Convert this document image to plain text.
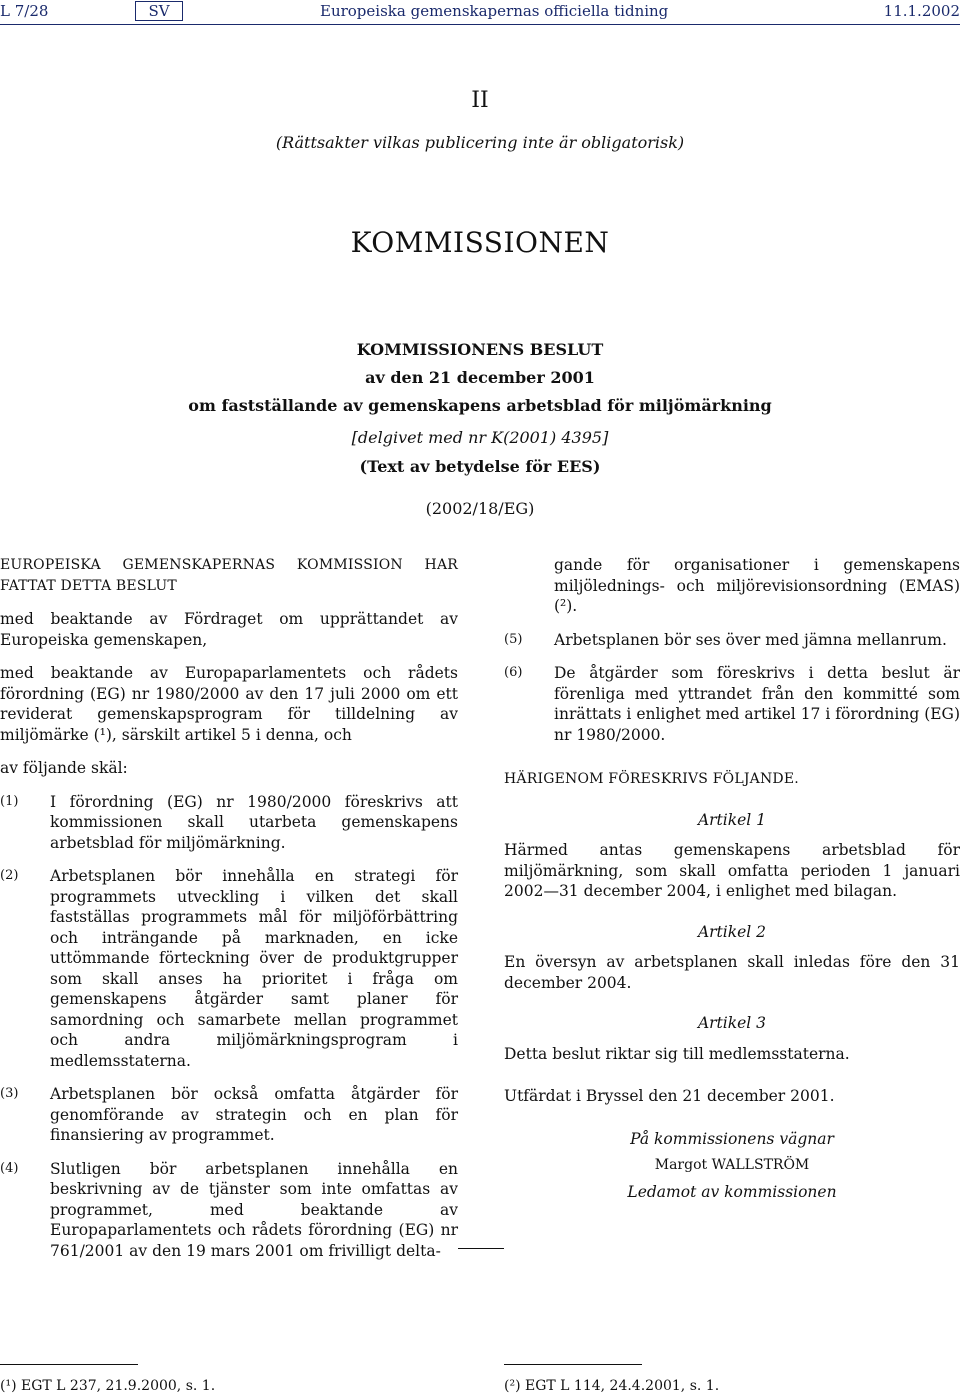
L 7/28	SV	Europeiska gemenskapernas officiella tidning	11.1.2002
II
(Rättsakter vilkas publicering inte är obligatorisk)
KOMMISSIONEN
KOMMISSIONENS BESLUT
av den 21 december 2001
om fastställande av gemenskapens arbetsblad för miljömärkning
[delgivet med nr K(2001) 4395]
(Text av betydelse för EES)
(2002/18/EG)

EUROPEISKA GEMENSKAPERNAS KOMMISSION HAR FATTAT DETTA BESLUT

med beaktande av Fördraget om upprättandet av Europeiska gemenskapen,

med beaktande av Europaparlamentets och rådets förordning (EG) nr 1980/2000 av den 17 juli 2000 om ett reviderat gemenskapsprogram för tilldelning av miljömärke (¹), särskilt artikel 5 i denna, och

av följande skäl:

(1)	I förordning (EG) nr 1980/2000 föreskrivs att kommissionen skall utarbeta gemenskapens arbetsblad för miljömärkning.
(2)	Arbetsplanen bör innehålla en strategi för programmets utveckling i vilken det skall fastställas programmets mål för miljöförbättring och inträngande på marknaden, en icke uttömmande förteckning över de produktgrupper som skall anses ha prioritet i fråga om gemenskapens åtgärder samt planer för samordning och samarbete mellan programmet och andra miljömärkningsprogram i medlemsstaterna.
(3)	Arbetsplanen bör också omfatta åtgärder för genomförande av strategin och en plan för finansiering av programmet.
(4)	Slutligen bör arbetsplanen innehålla en beskrivning av de tjänster som inte omfattas av programmet, med beaktande av Europaparlamentets och rådets förordning (EG) nr 761/2001 av den 19 mars 2001 om frivilligt delta-

gande för organisationer i gemenskapens miljölednings- och miljörevisionsordning (EMAS) (²).

(5)	Arbetsplanen bör ses över med jämna mellanrum.
(6)	De åtgärder som föreskrivs i detta beslut är förenliga med yttrandet från den kommitté som inrättats i enlighet med artikel 17 i förordning (EG) nr 1980/2000.

HÄRIGENOM FÖRESKRIVS FÖLJANDE.

Artikel 1

Härmed antas gemenskapens arbetsblad för miljömärkning, som skall omfatta perioden 1 januari 2002—31 december 2004, i enlighet med bilagan.

Artikel 2

En översyn av arbetsplanen skall inledas före den 31 december 2004.

Artikel 3

Detta beslut riktar sig till medlemsstaterna.

Utfärdat i Bryssel den 21 december 2001.

På kommissionens vägnar
Margot WALLSTRÖM
Ledamot av kommissionen
(¹) EGT L 237, 21.9.2000, s. 1.	(²) EGT L 114, 24.4.2001, s. 1.
